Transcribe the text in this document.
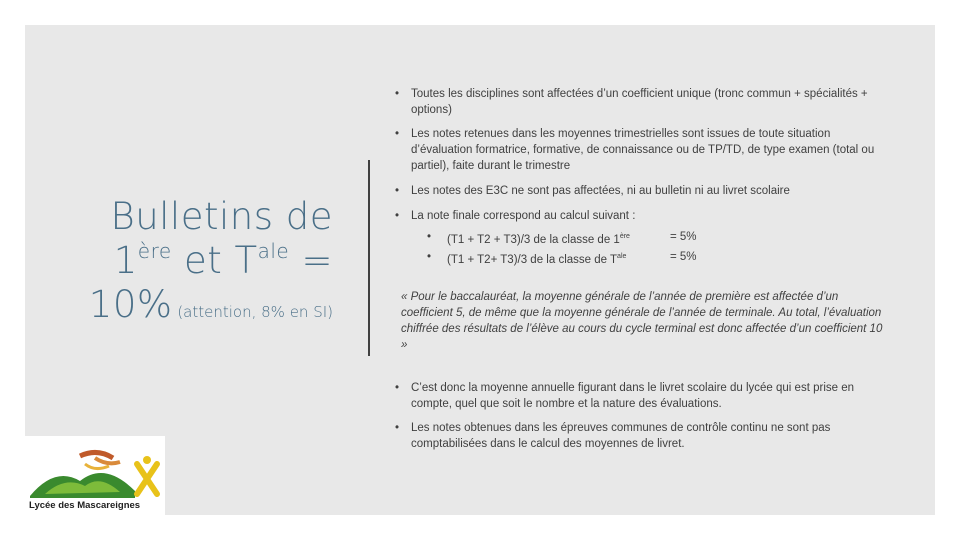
Bulletins de
1ère et $T^{ale}$ =
10% (attention, 8% en SI)
• Toutes les disciplines sont affectées d’un coefficient unique (tronc commun + spécialités + options)
• Les notes retenues dans les moyennes trimestrielles sont issues de toute situation d’évaluation formatrice, formative, de connaissance ou de TP/TD, de type examen (total ou partiel), faite durant le trimestre
• Les notes des E3C ne sont pas affectées, ni au bulletin ni au livret scolaire
• La note finale correspond au calcul suivant :
• (T1 + T2 + T3)/3 de la classe de 1ère	= 5%
• (T1 + T2+ T3)/3 de la classe de $T^{ale}$	= 5%
« Pour le baccalauréat, la moyenne générale de l’année de première est affectée d’un coefficient 5, de même que la moyenne générale de l’année de terminale. Au total, l’évaluation chiffrée des résultats de l’élève au cours du cycle terminal est donc affectée d’un coefficient 10 »
• C’est donc la moyenne annuelle figurant dans le livret scolaire du lycée qui est prise en compte, quel que soit le nombre et la nature des évaluations.
• Les notes obtenues dans les épreuves communes de contrôle continu ne sont pas comptabilisées dans le calcul des moyennes de livret.
Lycée des Mascareignes
